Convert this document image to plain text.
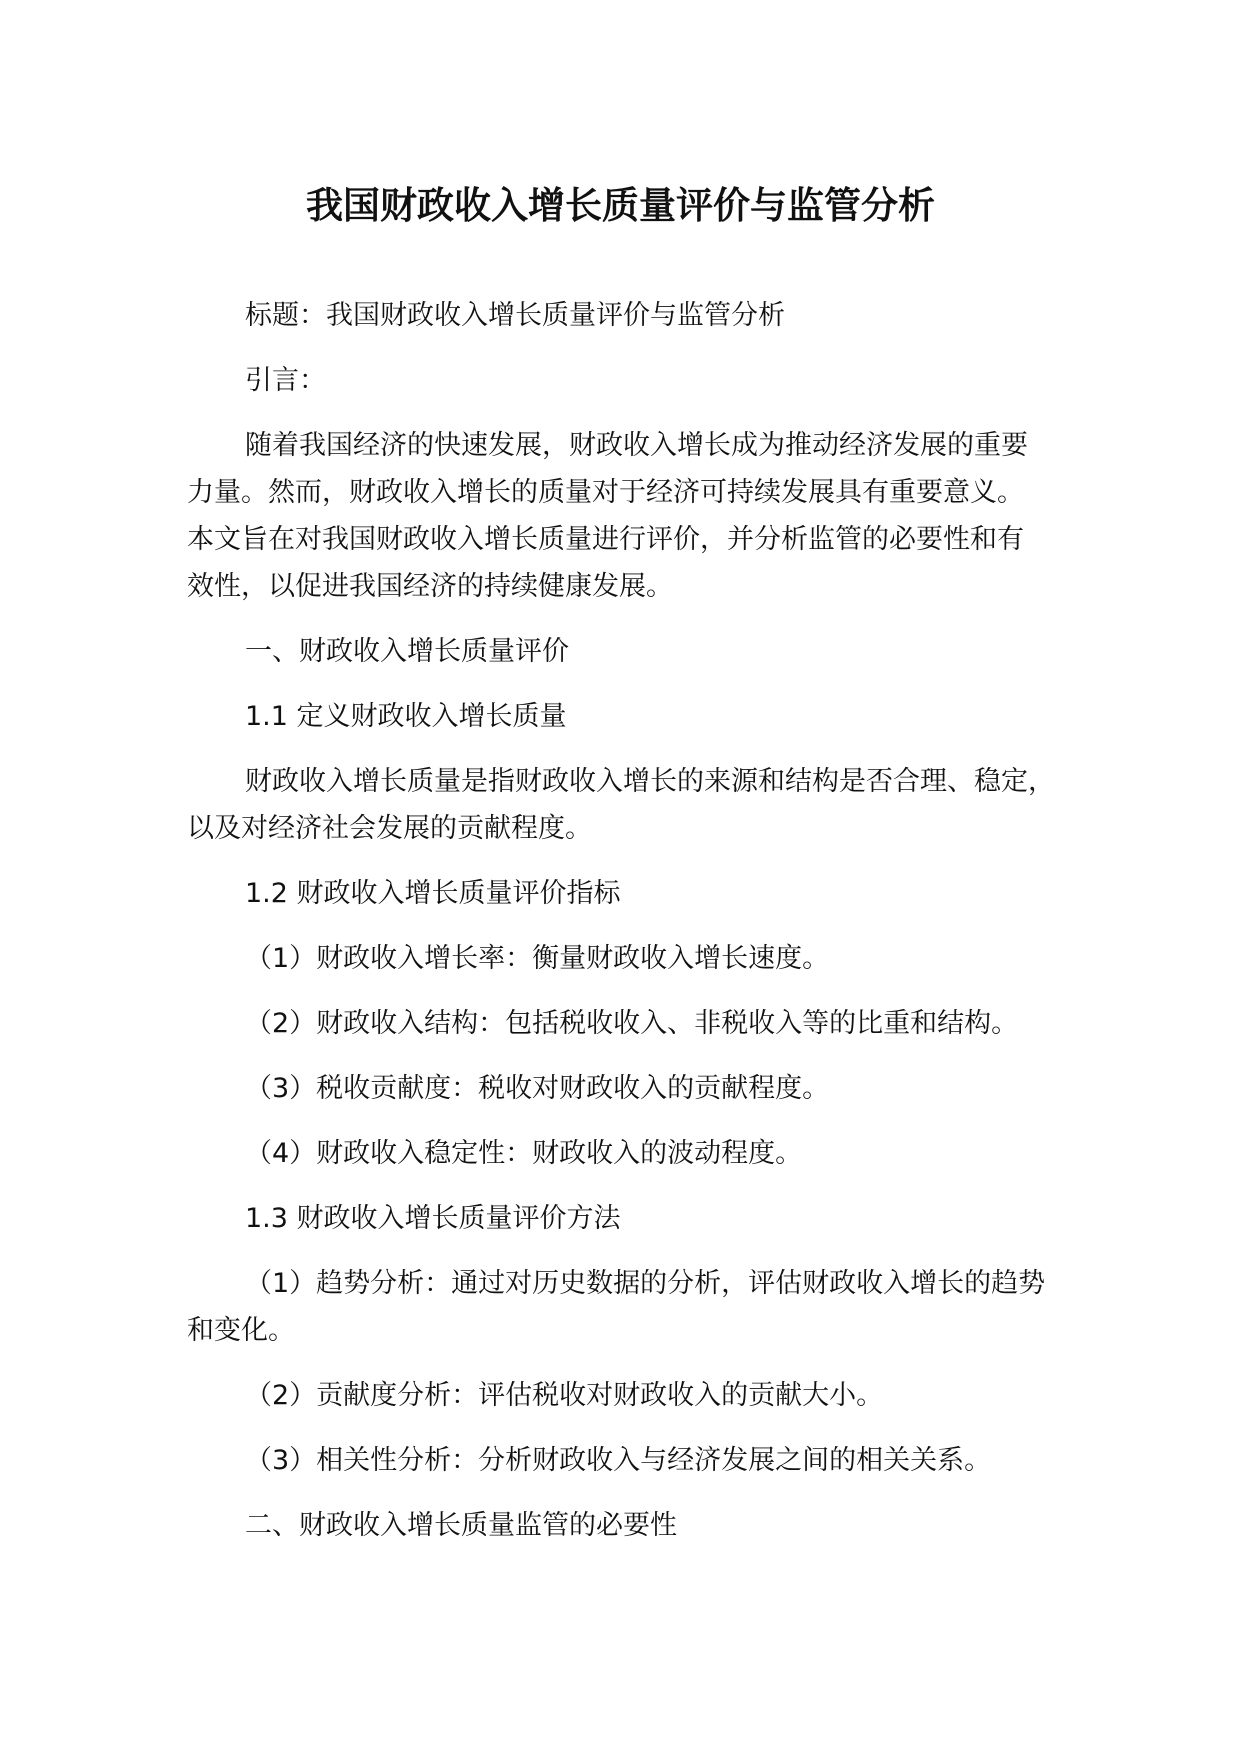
我国财政收入增长质量评价与监管分析
标题：我国财政收入增长质量评价与监管分析
引言：
随着我国经济的快速发展，财政收入增长成为推动经济发展的重要
力量。然而，财政收入增长的质量对于经济可持续发展具有重要意义。
本文旨在对我国财政收入增长质量进行评价，并分析监管的必要性和有
效性，以促进我国经济的持续健康发展。
一、财政收入增长质量评价
1.1 定义财政收入增长质量
财政收入增长质量是指财政收入增长的来源和结构是否合理、稳定，
以及对经济社会发展的贡献程度。
1.2 财政收入增长质量评价指标
（1）财政收入增长率：衡量财政收入增长速度。
（2）财政收入结构：包括税收收入、非税收入等的比重和结构。
（3）税收贡献度：税收对财政收入的贡献程度。
（4）财政收入稳定性：财政收入的波动程度。
1.3 财政收入增长质量评价方法
（1）趋势分析：通过对历史数据的分析，评估财政收入增长的趋势
和变化。
（2）贡献度分析：评估税收对财政收入的贡献大小。
（3）相关性分析：分析财政收入与经济发展之间的相关关系。
二、财政收入增长质量监管的必要性
